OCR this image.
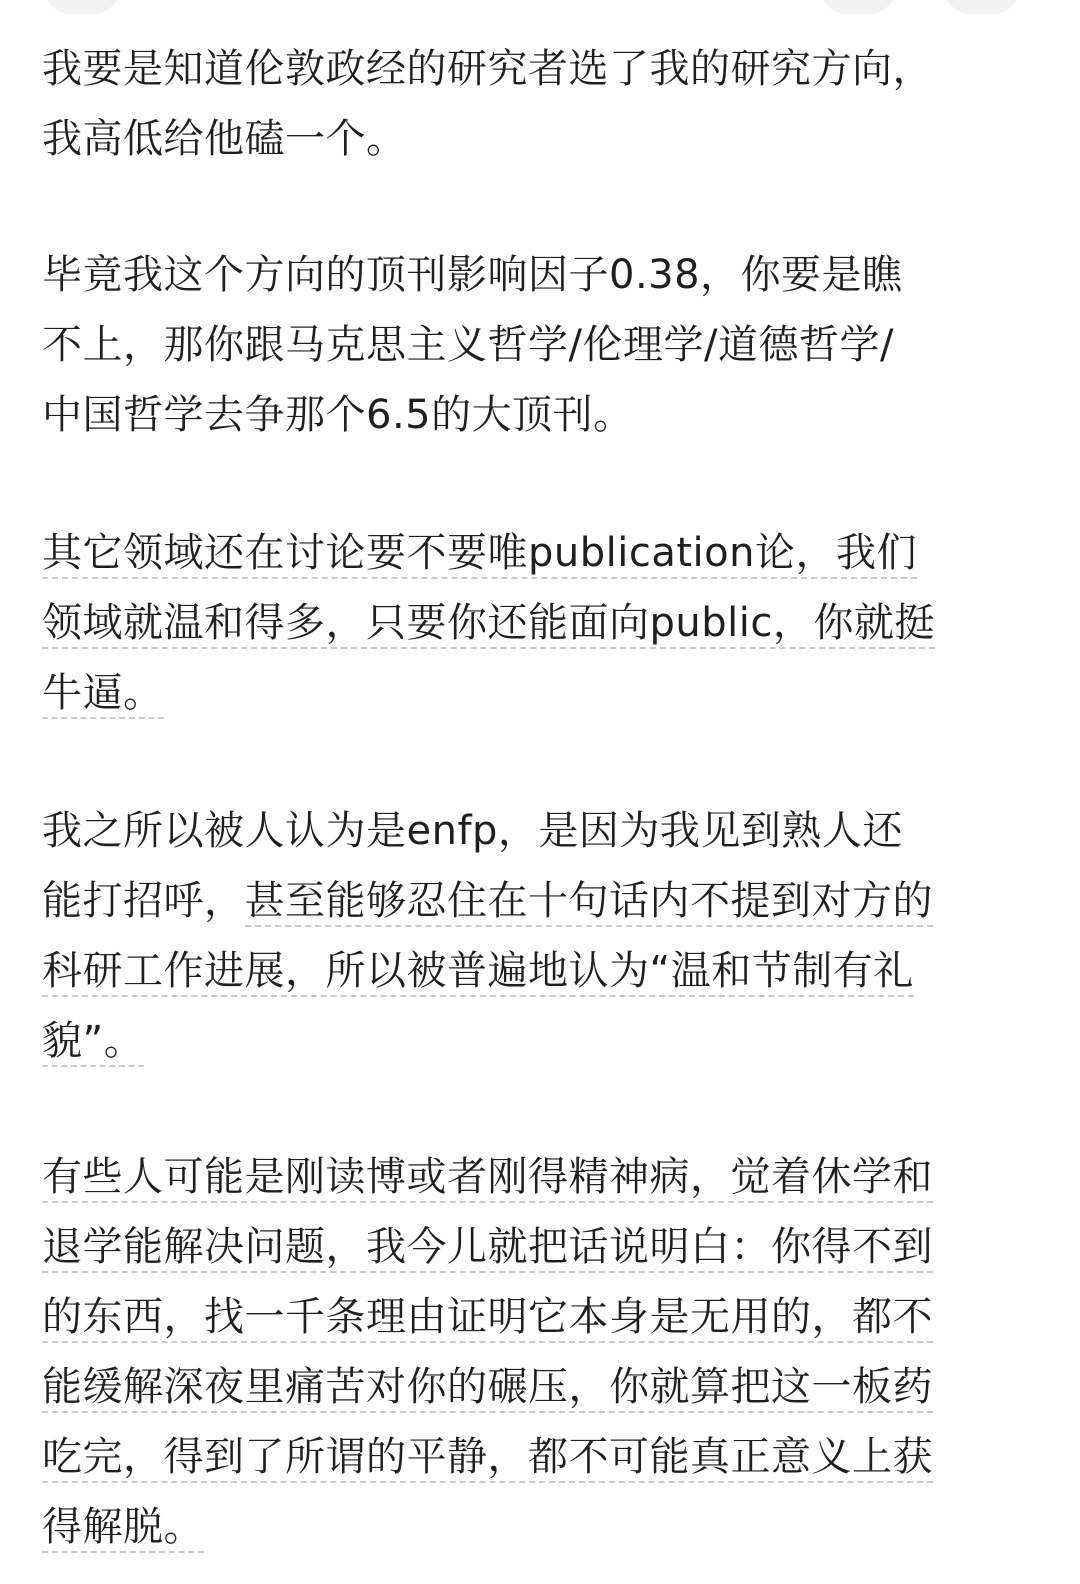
我要是知道伦敦政经的研究者选了我的研究方向，
我高低给他磕一个。

毕竟我这个方向的顶刊影响因子0.38，你要是瞧
不上，那你跟马克思主义哲学/伦理学/道德哲学/
中国哲学去争那个6.5的大顶刊。

其它领域还在讨论要不要唯publication论，我们
领域就温和得多，只要你还能面向public，你就挺
牛逼。

我之所以被人认为是enfp，是因为我见到熟人还
能打招呼，甚至能够忍住在十句话内不提到对方的
科研工作进展，所以被普遍地认为“温和节制有礼
貌”。

有些人可能是刚读博或者刚得精神病，觉着休学和
退学能解决问题，我今儿就把话说明白：你得不到
的东西，找一千条理由证明它本身是无用的，都不
能缓解深夜里痛苦对你的碾压，你就算把这一板药
吃完，得到了所谓的平静，都不可能真正意义上获
得解脱。
